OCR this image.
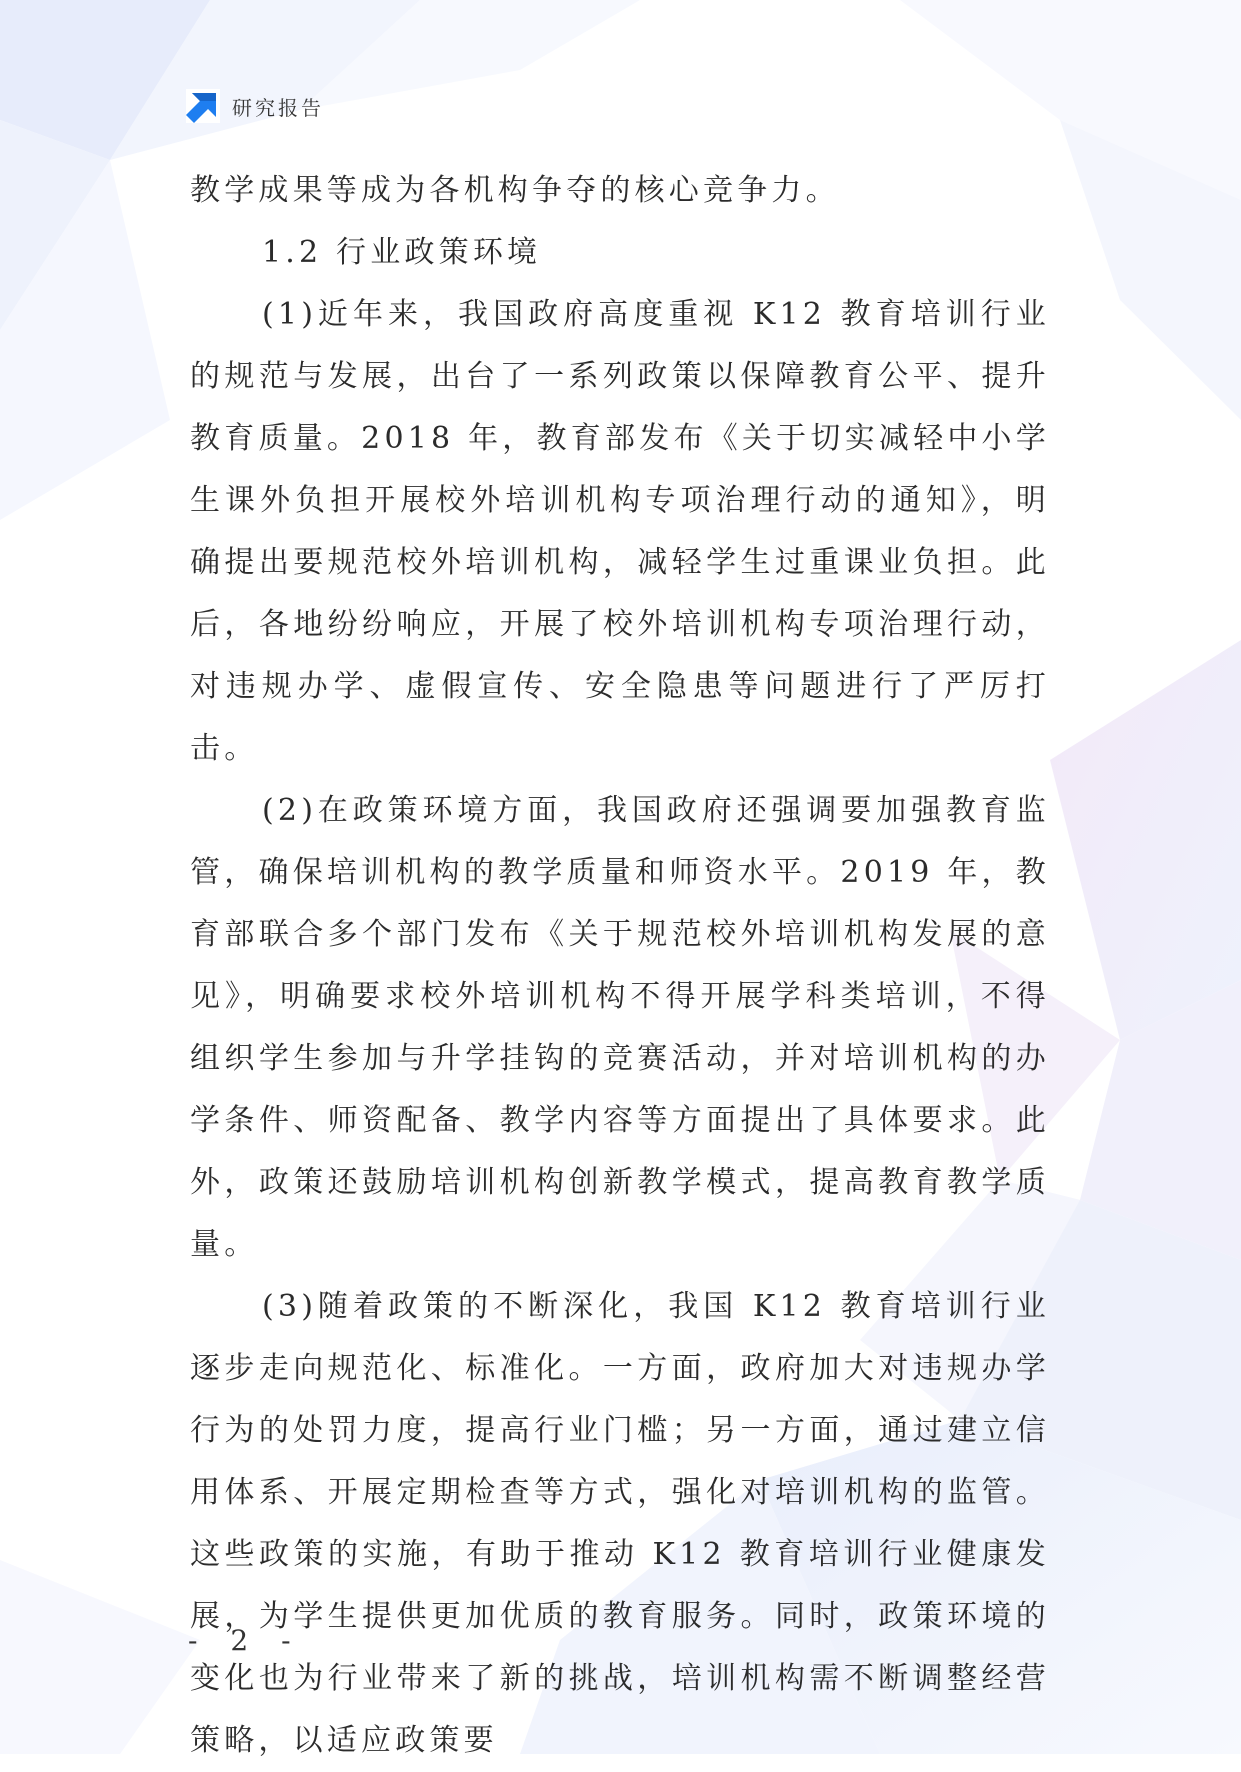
研究报告

教学成果等成为各机构争夺的核心竞争力。

1.2 行业政策环境

(1)近年来，我国政府高度重视 K12 教育培训行业的规范与发展，出台了一系列政策以保障教育公平、提升教育质量。2018 年，教育部发布《关于切实减轻中小学生课外负担开展校外培训机构专项治理行动的通知》，明确提出要规范校外培训机构，减轻学生过重课业负担。此后，各地纷纷响应，开展了校外培训机构专项治理行动，对违规办学、虚假宣传、安全隐患等问题进行了严厉打击。

(2)在政策环境方面，我国政府还强调要加强教育监管，确保培训机构的教学质量和师资水平。2019 年，教育部联合多个部门发布《关于规范校外培训机构发展的意见》，明确要求校外培训机构不得开展学科类培训，不得组织学生参加与升学挂钩的竞赛活动，并对培训机构的办学条件、师资配备、教学内容等方面提出了具体要求。此外，政策还鼓励培训机构创新教学模式，提高教育教学质量。

(3)随着政策的不断深化，我国 K12 教育培训行业逐步走向规范化、标准化。一方面，政府加大对违规办学行为的处罚力度，提高行业门槛；另一方面，通过建立信用体系、开展定期检查等方式，强化对培训机构的监管。这些政策的实施，有助于推动 K12 教育培训行业健康发展，为学生提供更加优质的教育服务。同时，政策环境的变化也为行业带来了新的挑战，培训机构需不断调整经营策略，以适应政策要

- 2 -
